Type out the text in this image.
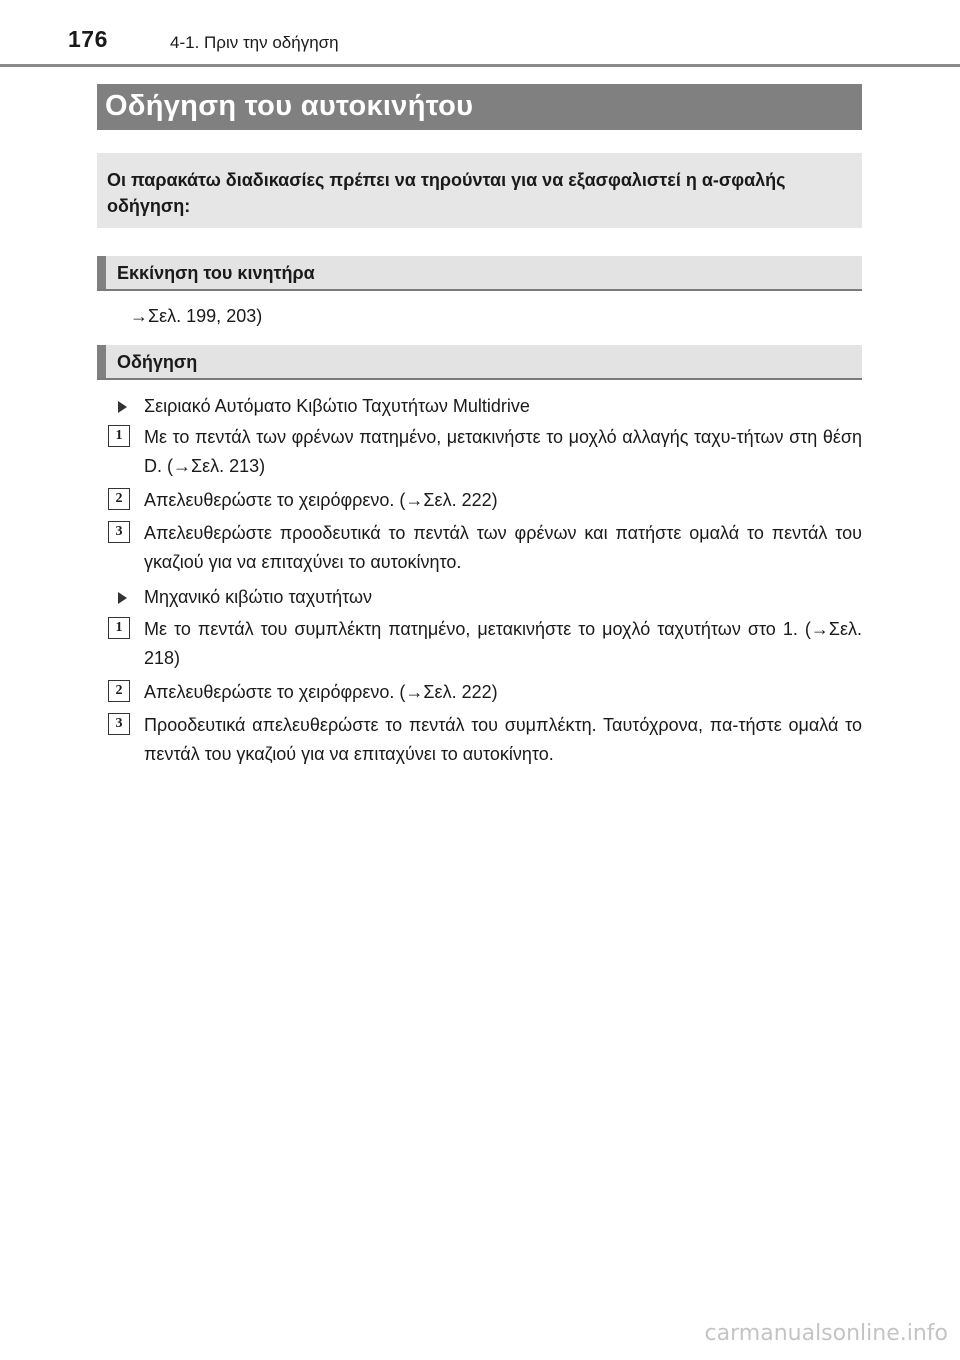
176	4-1. Πριν την οδήγηση
Οδήγηση του αυτοκινήτου
Οι παρακάτω διαδικασίες πρέπει να τηρούνται για να εξασφαλιστεί η α-σφαλής οδήγηση:
Εκκίνηση του κινητήρα
→Σελ. 199, 203)
Οδήγηση
Σειριακό Αυτόματο Κιβώτιο Ταχυτήτων Multidrive
1	Με το πεντάλ των φρένων πατημένο, μετακινήστε το μοχλό αλλαγής ταχυ-τήτων στη θέση D. (→Σελ. 213)
2	Απελευθερώστε το χειρόφρενο. (→Σελ. 222)
3	Απελευθερώστε προοδευτικά το πεντάλ των φρένων και πατήστε ομαλά το πεντάλ του γκαζιού για να επιταχύνει το αυτοκίνητο.
Μηχανικό κιβώτιο ταχυτήτων
1	Με το πεντάλ του συμπλέκτη πατημένο, μετακινήστε το μοχλό ταχυτήτων στο 1. (→Σελ. 218)
2	Απελευθερώστε το χειρόφρενο. (→Σελ. 222)
3	Προοδευτικά απελευθερώστε το πεντάλ του συμπλέκτη. Ταυτόχρονα, πα-τήστε ομαλά το πεντάλ του γκαζιού για να επιταχύνει το αυτοκίνητο.
carmanualsonline.info
